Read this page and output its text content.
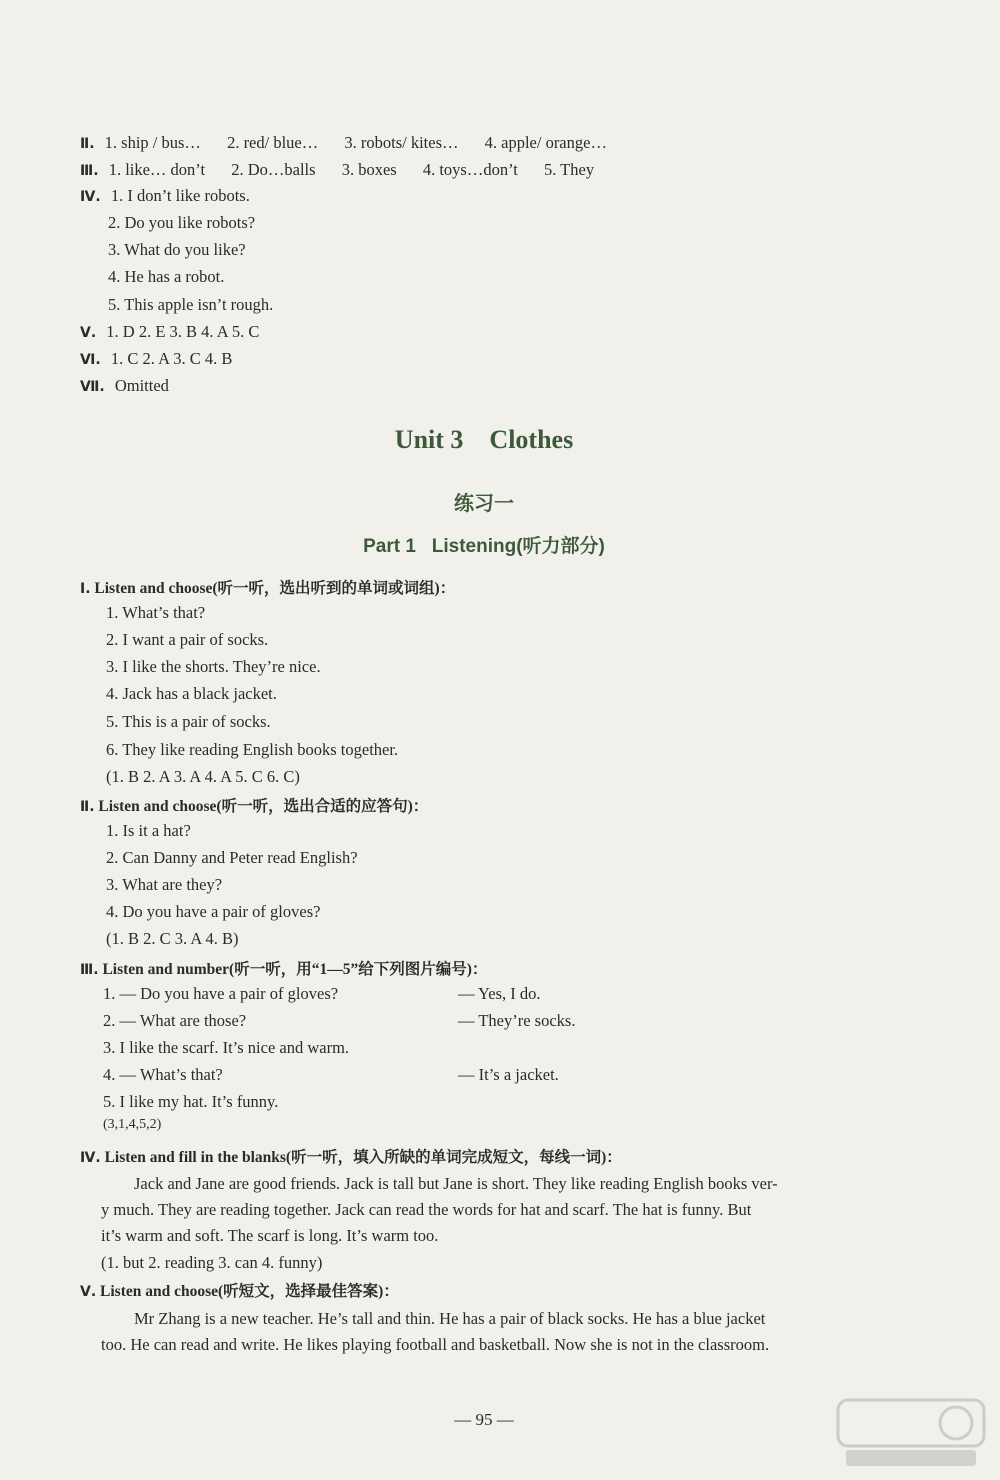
Ⅱ. 1. ship / bus… 2. red/ blue… 3. robots/ kites… 4. apple/ orange…
Ⅲ. 1. like… don’t 2. Do…balls 3. boxes 4. toys…don’t 5. They
Ⅳ. 1. I don’t like robots.
2. Do you like robots?
3. What do you like?
4. He has a robot.
5. This apple isn’t rough.
Ⅴ. 1. D 2. E 3. B 4. A 5. C
Ⅵ. 1. C 2. A 3. C 4. B
Ⅶ. Omitted
Unit 3    Clothes
练习一
Part 1   Listening(听力部分)
Ⅰ. Listen and choose(听一听，选出听到的单词或词组)：
1. What’s that?
2. I want a pair of socks.
3. I like the shorts. They’re nice.
4. Jack has a black jacket.
5. This is a pair of socks.
6. They like reading English books together.
(1. B 2. A 3. A 4. A 5. C 6. C)
Ⅱ. Listen and choose(听一听，选出合适的应答句)：
1. Is it a hat?
2. Can Danny and Peter read English?
3. What are they?
4. Do you have a pair of gloves?
(1. B 2. C 3. A 4. B)
Ⅲ. Listen and number(听一听，用“1—5”给下列图片编号)：
1. — Do you have a pair of gloves?	— Yes, I do.
2. — What are those?	— They’re socks.
3. I like the scarf. It’s nice and warm.
4. — What’s that?	— It’s a jacket.
5. I like my hat. It’s funny.
(3,1,4,5,2)
Ⅳ. Listen and fill in the blanks(听一听，填入所缺的单词完成短文，每线一词)：
Jack and Jane are good friends. Jack is tall but Jane is short. They like reading English books ver-
y much. They are reading together. Jack can read the words for hat and scarf. The hat is funny. But
it’s warm and soft. The scarf is long. It’s warm too.
(1. but 2. reading 3. can 4. funny)
Ⅴ. Listen and choose(听短文，选择最佳答案)：
Mr Zhang is a new teacher. He’s tall and thin. He has a pair of black socks. He has a blue jacket
too. He can read and write. He likes playing football and basketball. Now she is not in the classroom.
— 95 —
